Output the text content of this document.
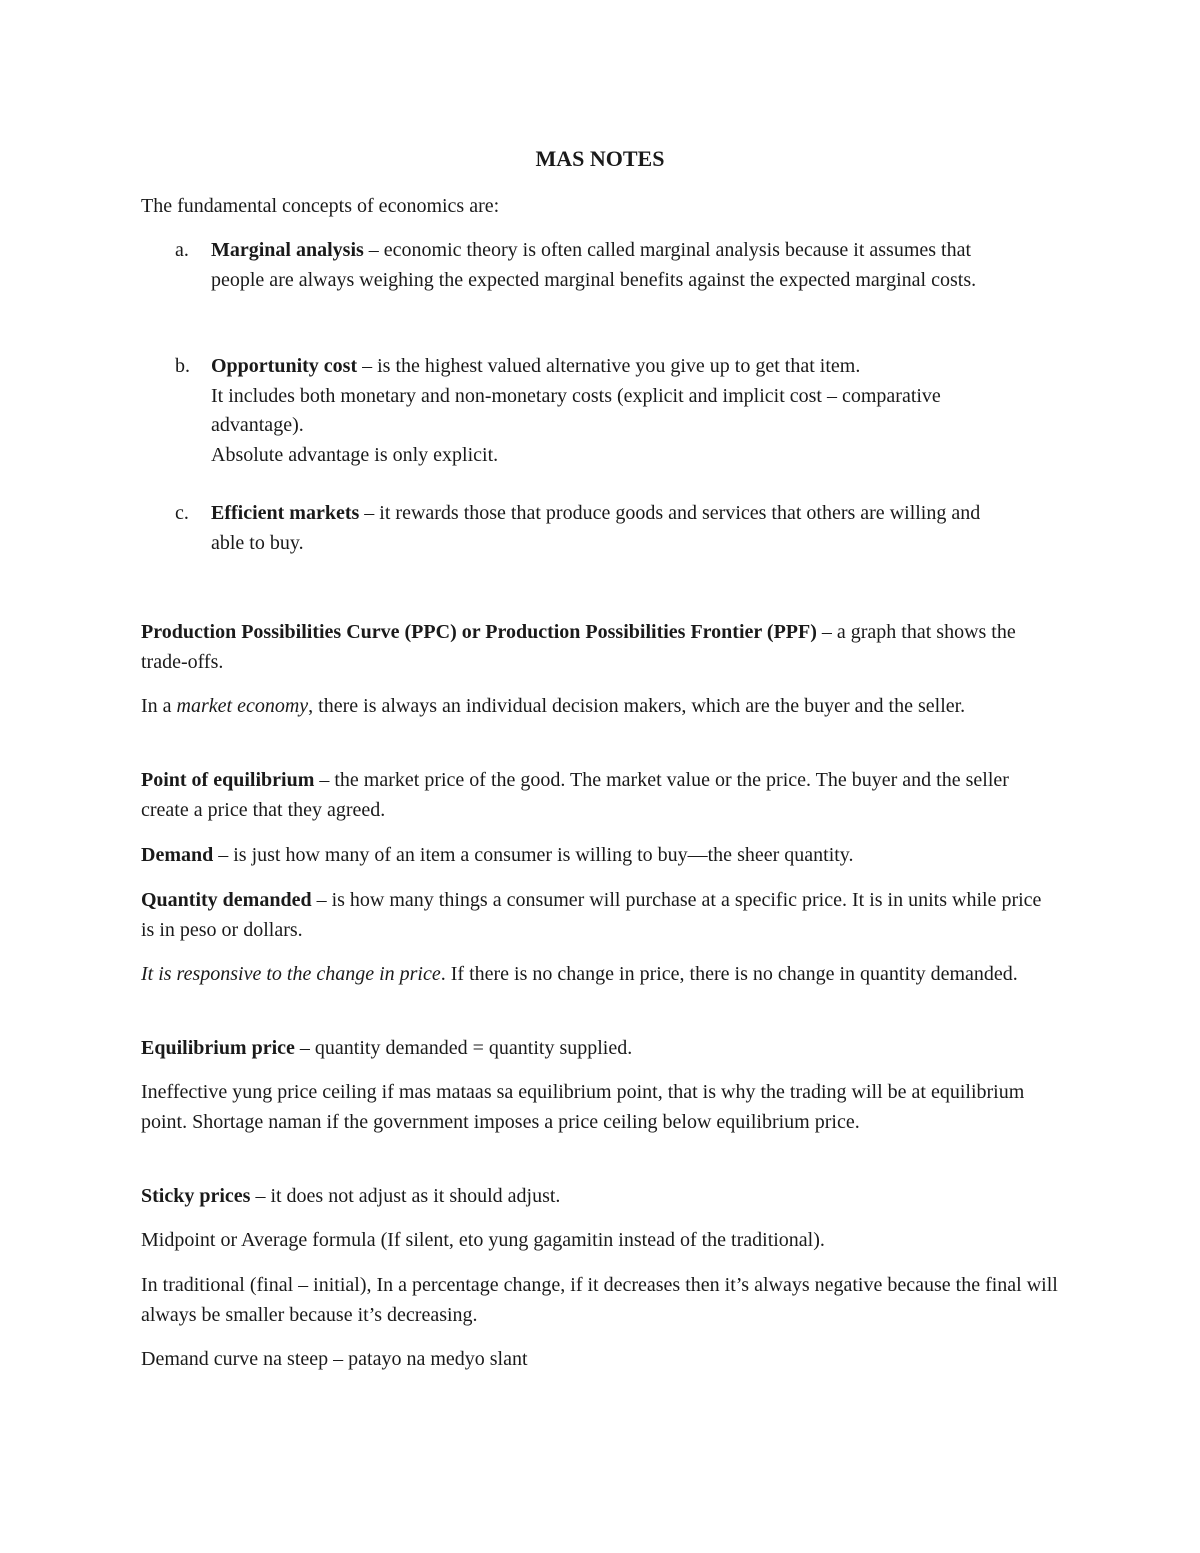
MAS NOTES
The fundamental concepts of economics are:
a. Marginal analysis – economic theory is often called marginal analysis because it assumes that people are always weighing the expected marginal benefits against the expected marginal costs.
b. Opportunity cost – is the highest valued alternative you give up to get that item.
It includes both monetary and non-monetary costs (explicit and implicit cost – comparative advantage).
Absolute advantage is only explicit.
c. Efficient markets – it rewards those that produce goods and services that others are willing and able to buy.
Production Possibilities Curve (PPC) or Production Possibilities Frontier (PPF) – a graph that shows the trade-offs.
In a market economy, there is always an individual decision makers, which are the buyer and the seller.
Point of equilibrium – the market price of the good. The market value or the price. The buyer and the seller create a price that they agreed.
Demand – is just how many of an item a consumer is willing to buy—the sheer quantity.
Quantity demanded – is how many things a consumer will purchase at a specific price. It is in units while price is in peso or dollars.
It is responsive to the change in price. If there is no change in price, there is no change in quantity demanded.
Equilibrium price – quantity demanded = quantity supplied.
Ineffective yung price ceiling if mas mataas sa equilibrium point, that is why the trading will be at equilibrium point. Shortage naman if the government imposes a price ceiling below equilibrium price.
Sticky prices – it does not adjust as it should adjust.
Midpoint or Average formula (If silent, eto yung gagamitin instead of the traditional).
In traditional (final – initial), In a percentage change, if it decreases then it’s always negative because the final will always be smaller because it’s decreasing.
Demand curve na steep – patayo na medyo slant
